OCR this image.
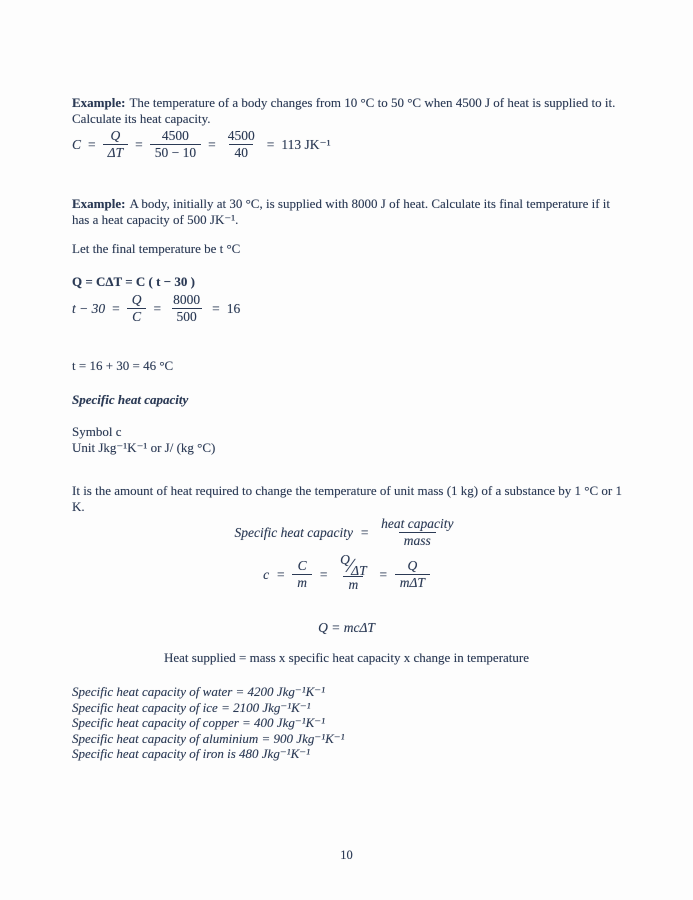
Example: The temperature of a body changes from 10 °C to 50 °C when 4500 J of heat is supplied to it. Calculate its heat capacity.

$C = \frac{Q}{\Delta T} = \frac{4500}{50 - 10} = \frac{4500}{40} = 113$ JK⁻¹

Example: A body, initially at 30 °C, is supplied with 8000 J of heat. Calculate its final temperature if it has a heat capacity of 500 JK⁻¹.

Let the final temperature be t °C

Q = CΔT = C ( t − 30 )

$t - 30 = \frac{Q}{C} = \frac{8000}{500} = 16$

t = 16 + 30 = 46 °C

Specific heat capacity

Symbol c

Unit Jkg⁻¹K⁻¹ or J/ (kg °C)

It is the amount of heat required to change the temperature of unit mass (1 kg) of a substance by 1 °C or 1 K.

Specific heat capacity = $\frac{\text{heat capacity}}{\text{mass}}$
$c = \frac{C}{m} = \frac{Q ∕ \Delta T}{m} = \frac{Q}{\text{mΔT}}$
Q = mcΔT
Heat supplied = mass x specific heat capacity x change in temperature
Specific heat capacity of water = 4200 Jkg⁻¹K⁻¹
Specific heat capacity of ice = 2100 Jkg⁻¹K⁻¹
Specific heat capacity of copper = 400 Jkg⁻¹K⁻¹
Specific heat capacity of aluminium = 900 Jkg⁻¹K⁻¹
Specific heat capacity of iron is 480 Jkg⁻¹K⁻¹
10
